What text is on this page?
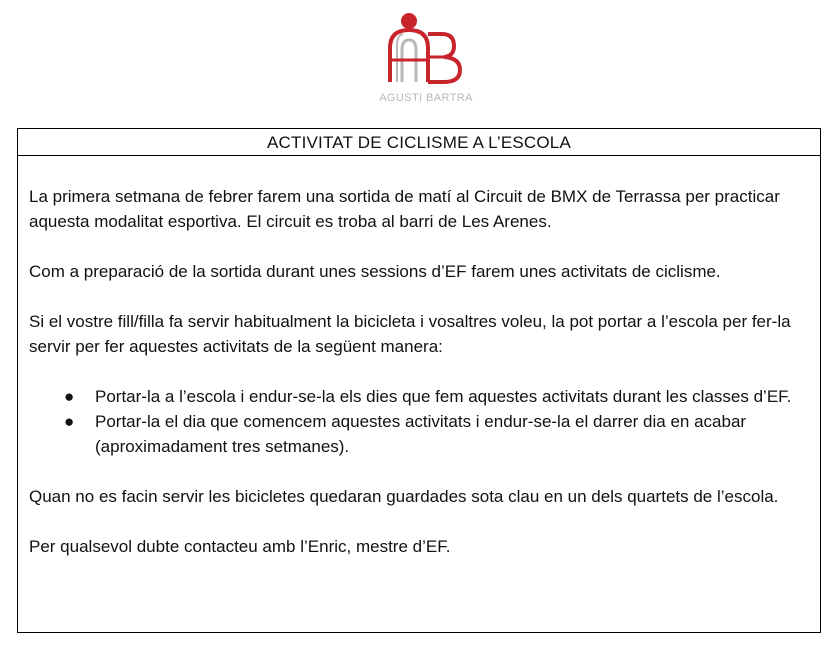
AGUSTI BARTRA
ACTIVITAT DE CICLISME A L’ESCOLA

La primera setmana de febrer farem una sortida de matí al Circuit de BMX de Terrassa per practicar aquesta modalitat esportiva. El circuit es troba al barri de Les Arenes.

Com a preparació de la sortida durant unes sessions d’EF farem unes activitats de ciclisme.

Si el vostre fill/filla fa servir habitualment la bicicleta i vosaltres voleu, la pot portar a l’escola per fer-la servir per fer aquestes activitats de la següent manera:

● Portar-la a l’escola i endur-se-la els dies que fem aquestes activitats durant les classes d’EF.
● Portar-la el dia que comencem aquestes activitats i endur-se-la el darrer dia en acabar (aproximadament tres setmanes).

Quan no es facin servir les bicicletes quedaran guardades sota clau en un dels quartets de l’escola.

Per qualsevol dubte contacteu amb l’Enric, mestre d’EF.
